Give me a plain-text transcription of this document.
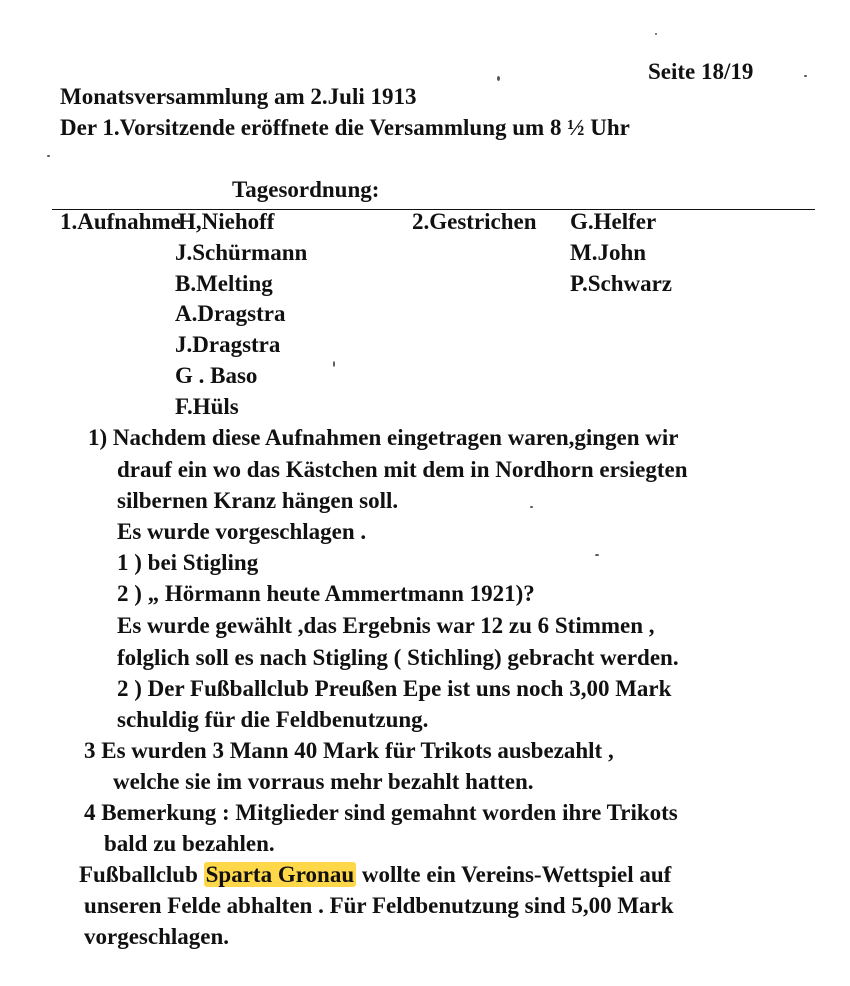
Seite 18/19
Monatsversammlung am 2.Juli 1913
Der 1.Vorsitzende eröffnete die Versammlung um 8 ½ Uhr
Tagesordnung:
1.Aufnahme
H,Niehoff
J.Schürmann
B.Melting
A.Dragstra
J.Dragstra
G . Baso
F.Hüls
2.Gestrichen G.Helfer
M.John
P.Schwarz
1) Nachdem diese Aufnahmen eingetragen waren,gingen wir
drauf ein wo das Kästchen mit dem in Nordhorn ersiegten
silbernen Kranz hängen soll.
Es wurde vorgeschlagen .
1 ) bei Stigling
2 ) „ Hörmann heute Ammertmann 1921)?
Es wurde gewählt ,das Ergebnis war 12 zu 6 Stimmen ,
folglich soll es nach Stigling ( Stichling) gebracht werden.
2 ) Der Fußballclub Preußen Epe ist uns noch 3,00 Mark
schuldig für die Feldbenutzung.
3 Es wurden 3 Mann 40 Mark für Trikots ausbezahlt ,
welche sie im vorraus mehr bezahlt hatten.
4 Bemerkung : Mitglieder sind gemahnt worden ihre Trikots
bald zu bezahlen.
Fußballclub Sparta Gronau wollte ein Vereins-Wettspiel auf
unseren Felde abhalten . Für Feldbenutzung sind 5,00 Mark
vorgeschlagen.
